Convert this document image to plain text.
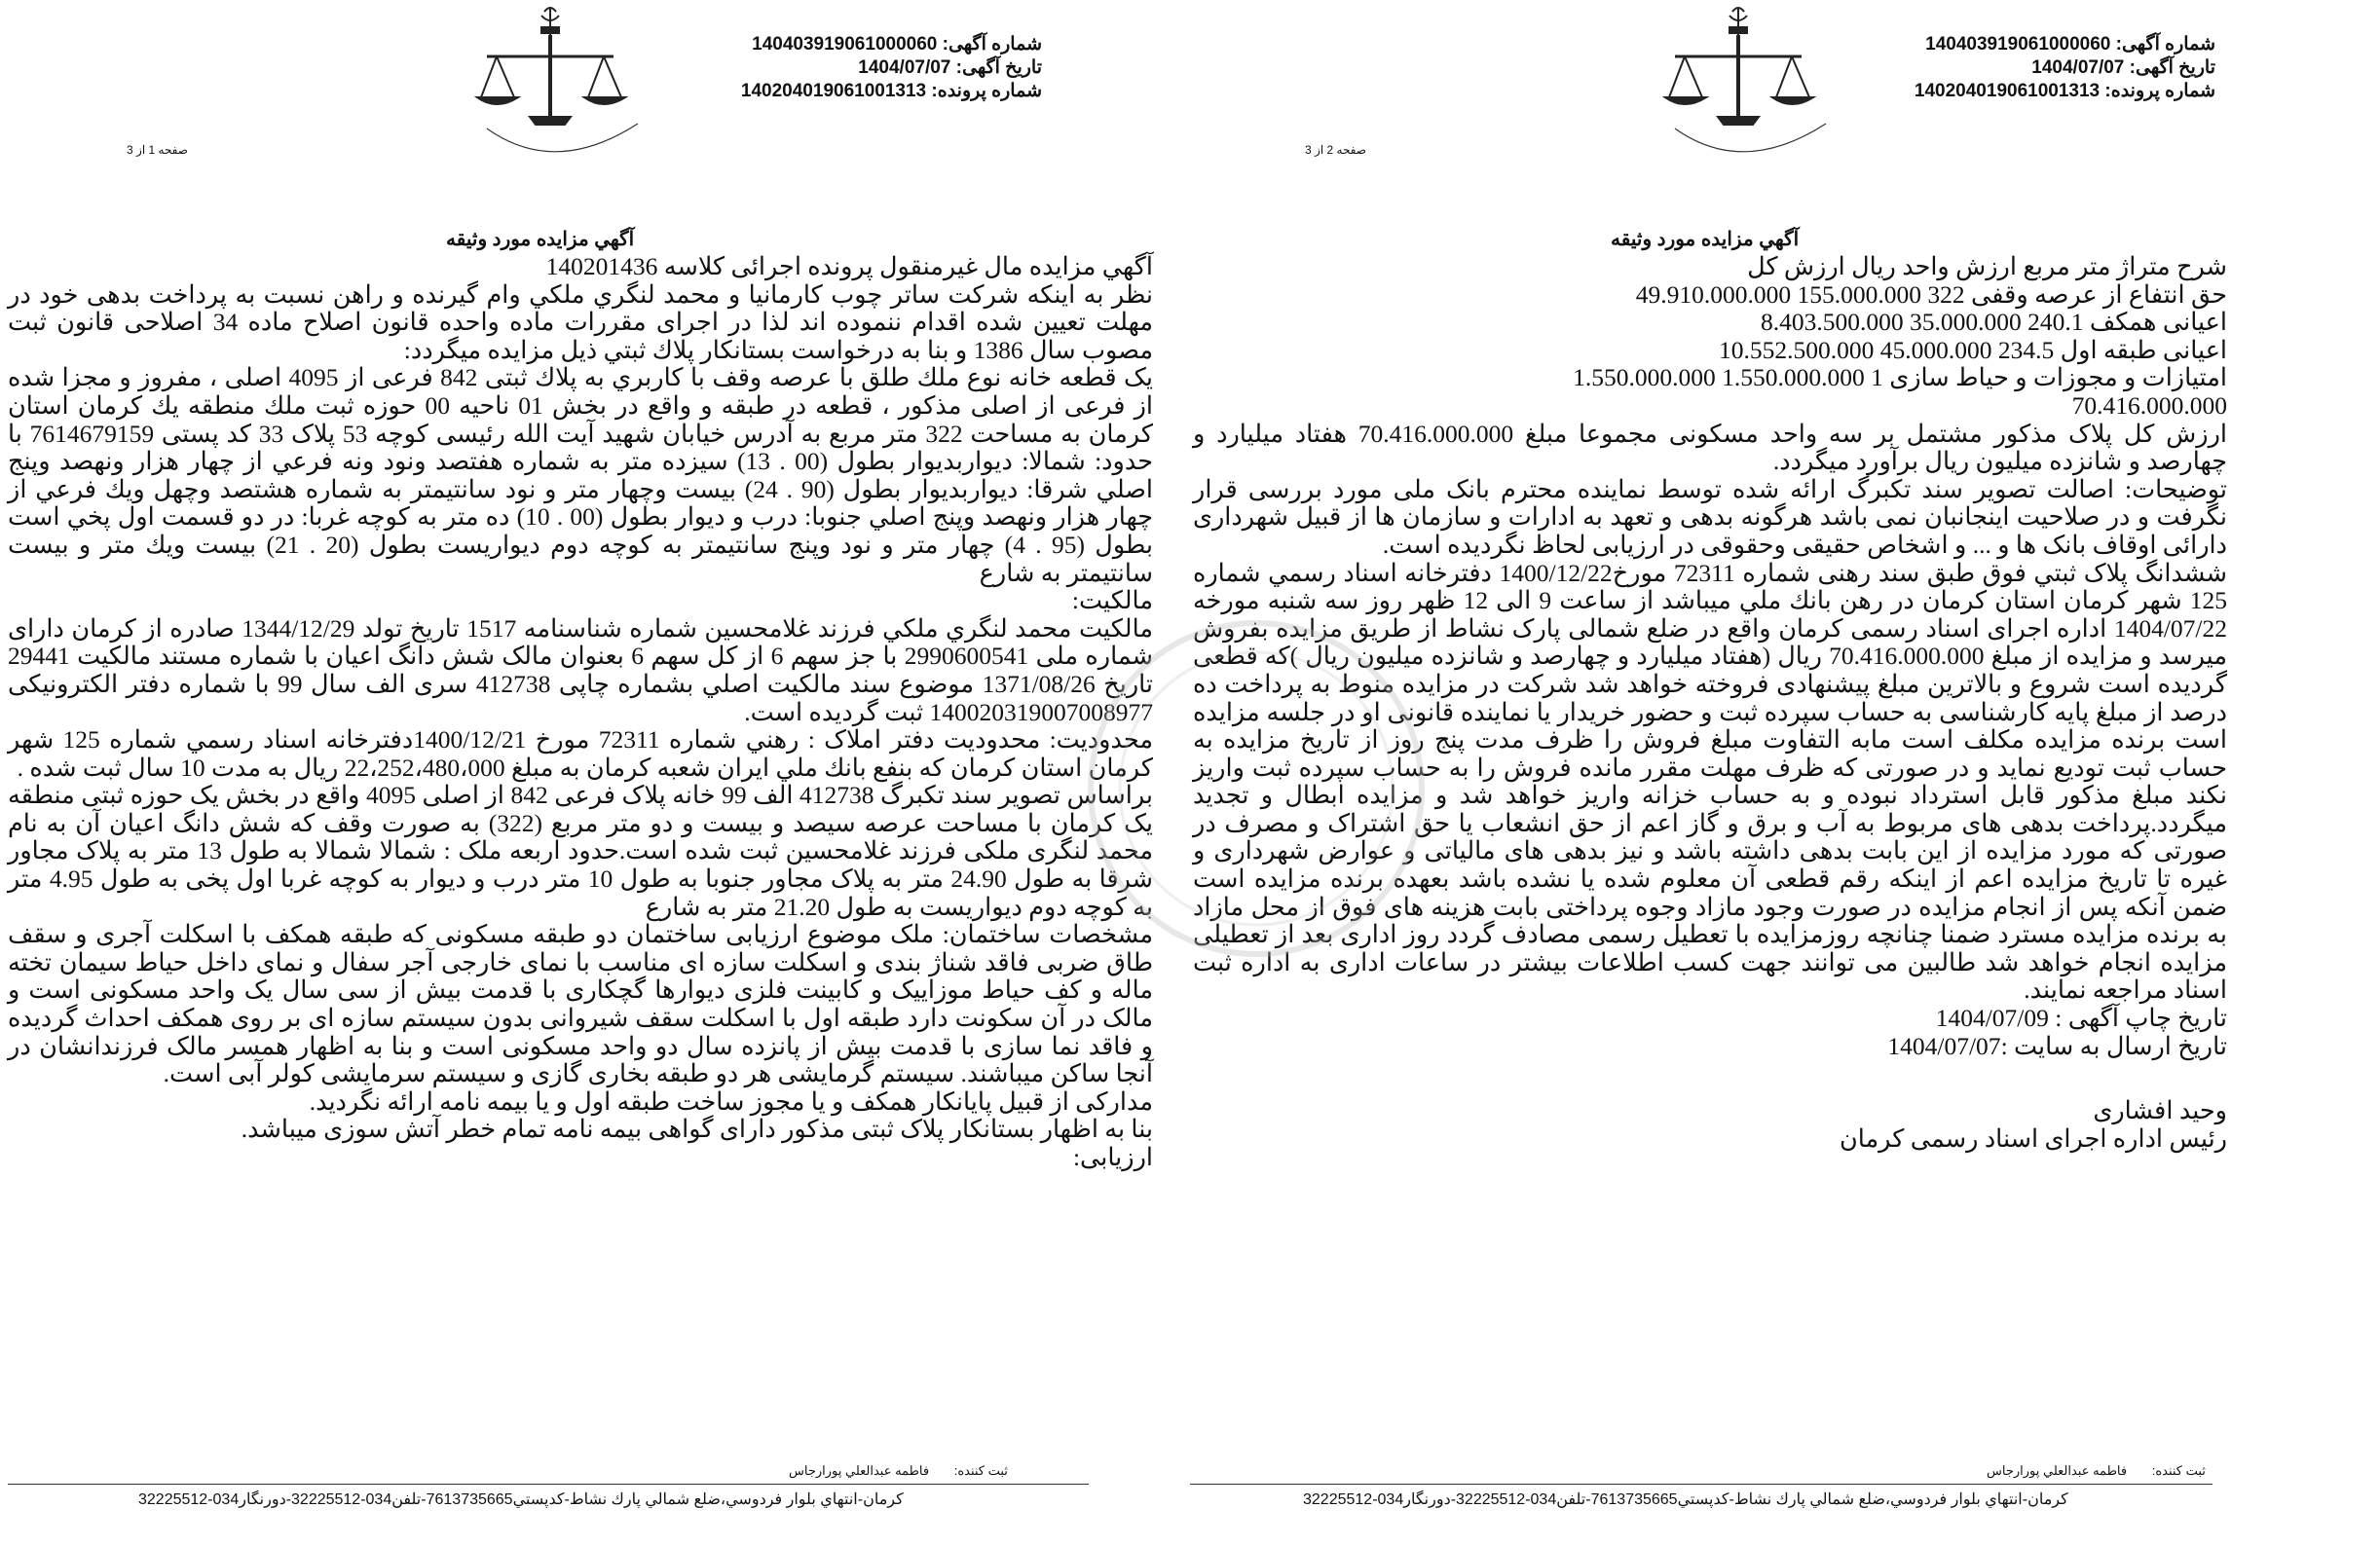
شماره آگهی: 140403919061000060
تاریخ آگهی: 1404/07/07
شماره پرونده: 140204019061001313
صفحه 1 از 3
آگهي مزايده مورد وثيقه

آگهي مزايده مال غيرمنقول پرونده اجرائی كلاسه 140201436

نظر به اينكه شركت ساتر چوب كارمانيا و محمد لنگري ملكي وام گيرنده و راهن نسبت به پرداخت بدهی خود در مهلت تعيين شده اقدام ننموده اند لذا در اجرای مقررات ماده واحده قانون اصلاح ماده 34 اصلاحی قانون ثبت مصوب سال 1386 و بنا به درخواست بستانكار پلاك ثبتي ذيل مزايده ميگردد:

يک قطعه خانه نوع ملك طلق با عرصه وقف با كاربري به پلاك ثبتی 842 فرعی از 4095 اصلی ، مفروز و مجزا شده از فرعی از اصلی مذكور ، قطعه در طبقه و واقع در بخش 01 ناحيه 00 حوزه ثبت ملك منطقه يك كرمان استان كرمان به مساحت 322 متر مربع به آدرس خیابان شهيد آيت الله رئيسی کوچه 53 پلاک 33 كد پستی 7614679159 با حدود: شمالا: ديواربديوار بطول (00 . 13) سيزده متر به شماره هفتصد ونود ونه فرعي از چهار هزار ونهصد وپنج اصلي شرقا: ديواربديوار بطول (90 . 24) بيست وچهار متر و نود سانتيمتر به شماره هشتصد وچهل ويك فرعي از چهار هزار ونهصد وپنج اصلي جنوبا: درب و ديوار بطول (00 . 10) ده متر به كوچه غربا: در دو قسمت اول پخي است بطول (95 . 4) چهار متر و نود وپنج سانتيمتر به كوچه دوم ديواريست بطول (20 . 21) بيست ويك متر و بيست سانتيمتر به شارع

مالكيت:

مالكيت محمد لنگري ملكي فرزند غلامحسين شماره شناسنامه 1517 تاريخ تولد 1344/12/29 صادره از كرمان دارای شماره ملی 2990600541 با جز سهم 6 از كل سهم 6 بعنوان مالک شش دانگ اعيان با شماره مستند مالكيت 29441 تاريخ 1371/08/26 موضوع سند مالكيت اصلي بشماره چاپی 412738 سری الف سال 99 با شماره دفتر الكترونيكی 140020319007008977 ثبت گرديده است.

محدوديت: محدوديت دفتر املاک : رهني شماره 72311 مورخ 1400/12/21دفترخانه اسناد رسمي شماره 125 شهر كرمان استان كرمان كه بنفع بانك ملي ايران شعبه كرمان به مبلغ 22،252،480،000 ريال به مدت 10 سال ثبت شده .

براساس تصویر سند تکبرگ 412738 الف 99 خانه پلاک فرعی 842 از اصلی 4095 واقع در بخش یک حوزه ثبتی منطقه یک کرمان با مساحت عرصه سیصد و بیست و دو متر مربع (322) به صورت وقف که شش دانگ اعیان آن به نام محمد لنگری ملکی فرزند غلامحسین ثبت شده است.حدود اربعه ملک : شمالا شمالا به طول 13 متر به پلاک مجاور شرقا به طول 24.90 متر به پلاک مجاور جنوبا به طول 10 متر درب و دیوار به کوچه غربا اول پخی به طول 4.95 متر به کوچه دوم دیواریست به طول 21.20 متر به شارع

مشخصات ساختمان: ملک موضوع ارزیابی ساختمان دو طبقه مسکونی که طبقه همکف با اسکلت آجری و سقف طاق ضربی فاقد شناژ بندی و اسکلت سازه ای مناسب با نمای خارجی آجر سفال و نمای داخل حیاط سیمان تخته ماله و کف حیاط موزاییک و کابینت فلزی دیوارها گچکاری با قدمت بیش از سی سال یک واحد مسکونی است و مالک در آن سکونت دارد طبقه اول با اسکلت سقف شیروانی بدون سیستم سازه ای بر روی همکف احداث گردیده و فاقد نما سازی با قدمت بیش از پانزده سال دو واحد مسکونی است و بنا به اظهار همسر مالک فرزندانشان در آنجا ساکن میباشند. سیستم گرمایشی هر دو طبقه بخاری گازی و سیستم سرمایشی کولر آبی است.

مدارکی از قبیل پایانکار همکف و یا مجوز ساخت طبقه اول و یا بیمه نامه ارائه نگردید.

بنا به اظهار بستانکار پلاک ثبتی مذکور دارای گواهی بیمه نامه تمام خطر آتش سوزی میباشد.

ارزیابی:

ثبت كننده: فاطمه عبدالعلي پورارجاس
كرمان-انتهاي بلوار فردوسي،ضلع شمالي پارك نشاط-كدپستي7613735665-تلفن034-32225512-دورنگار034-32225512
شماره آگهی: 140403919061000060
تاریخ آگهی: 1404/07/07
شماره پرونده: 140204019061001313
صفحه 2 از 3
آگهي مزايده مورد وثيقه

شرح متراژ متر مربع ارزش واحد ريال ارزش كل

حق انتفاع از عرصه وقفی 322 155.000.000 49.910.000.000

اعيانی همكف 240.1 35.000.000 8.403.500.000

اعيانی طبقه اول 234.5 45.000.000 10.552.500.000

امتيازات و مجوزات و حياط سازی 1 1.550.000.000 1.550.000.000

70.416.000.000

ارزش كل پلاک مذكور مشتمل بر سه واحد مسكونی مجموعا مبلغ 70.416.000.000 هفتاد ميليارد و چهارصد و شانزده ميليون ريال برآورد ميگردد.

توضیحات: اصالت تصویر سند تکبرگ ارائه شده توسط نماینده محترم بانک ملی مورد بررسی قرار نگرفت و در صلاحیت اینجانبان نمی باشد هرگونه بدهی و تعهد به ادارات و سازمان ها از قبیل شهرداری دارائی اوقاف بانک ها و ... و اشخاص حقیقی وحقوقی در ارزیابی لحاظ نگردیده است.

ششدانگ پلاک ثبتي فوق طبق سند رهنی شماره 72311 مورخ1400/12/22 دفترخانه اسناد رسمي شماره 125 شهر كرمان استان كرمان در رهن بانك ملي ميباشد از ساعت 9 الی 12 ظهر روز سه شنبه مورخه 1404/07/22 اداره اجرای اسناد رسمی كرمان واقع در ضلع شمالی پارک نشاط از طريق مزايده بفروش ميرسد و مزايده از مبلغ 70.416.000.000 ريال (هفتاد ميليارد و چهارصد و شانزده ميليون ريال )که قطعی گرديده است شروع و بالاترين مبلغ پيشنهادی فروخته خواهد شد شرکت در مزايده منوط به پرداخت ده درصد از مبلغ پايه کارشناسی به حساب سپرده ثبت و حضور خريدار يا نماينده قانونی او در جلسه مزايده است برنده مزايده مکلف است مابه التفاوت مبلغ فروش را ظرف مدت پنج روز از تاريخ مزايده به حساب ثبت توديع نمايد و در صورتی كه ظرف مهلت مقرر مانده فروش را به حساب سپرده ثبت واريز نکند مبلغ مذكور قابل استرداد نبوده و به حساب خزانه واريز خواهد شد و مزايده ابطال و تجديد ميگردد.پرداخت بدهی های مربوط به آب و برق و گاز اعم از حق انشعاب يا حق اشتراک و مصرف در صورتی که مورد مزايده از اين بابت بدهی داشته باشد و نيز بدهی های مالياتی و عوارض شهرداری و غيره تا تاريخ مزايده اعم از اينکه رقم قطعی آن معلوم شده يا نشده باشد بعهده برنده مزايده است ضمن آنکه پس از انجام مزايده در صورت وجود مازاد وجوه پرداختی بابت هزينه های فوق از محل مازاد به برنده مزايده مسترد ضمنا چنانچه روزمزايده با تعطيل رسمی مصادف گردد روز اداری بعد از تعطيلی مزايده انجام خواهد شد طالبين می توانند جهت كسب اطلاعات بيشتر در ساعات اداری به اداره ثبت اسناد مراجعه نمايند.

تاريخ چاپ آگهی : 1404/07/09

تاريخ ارسال به سايت :1404/07/07

وحيد افشاری

رئيس اداره اجرای اسناد رسمی كرمان

ثبت كننده: فاطمه عبدالعلي پورارجاس
كرمان-انتهاي بلوار فردوسي،ضلع شمالي پارك نشاط-كدپستي7613735665-تلفن034-32225512-دورنگار034-32225512
